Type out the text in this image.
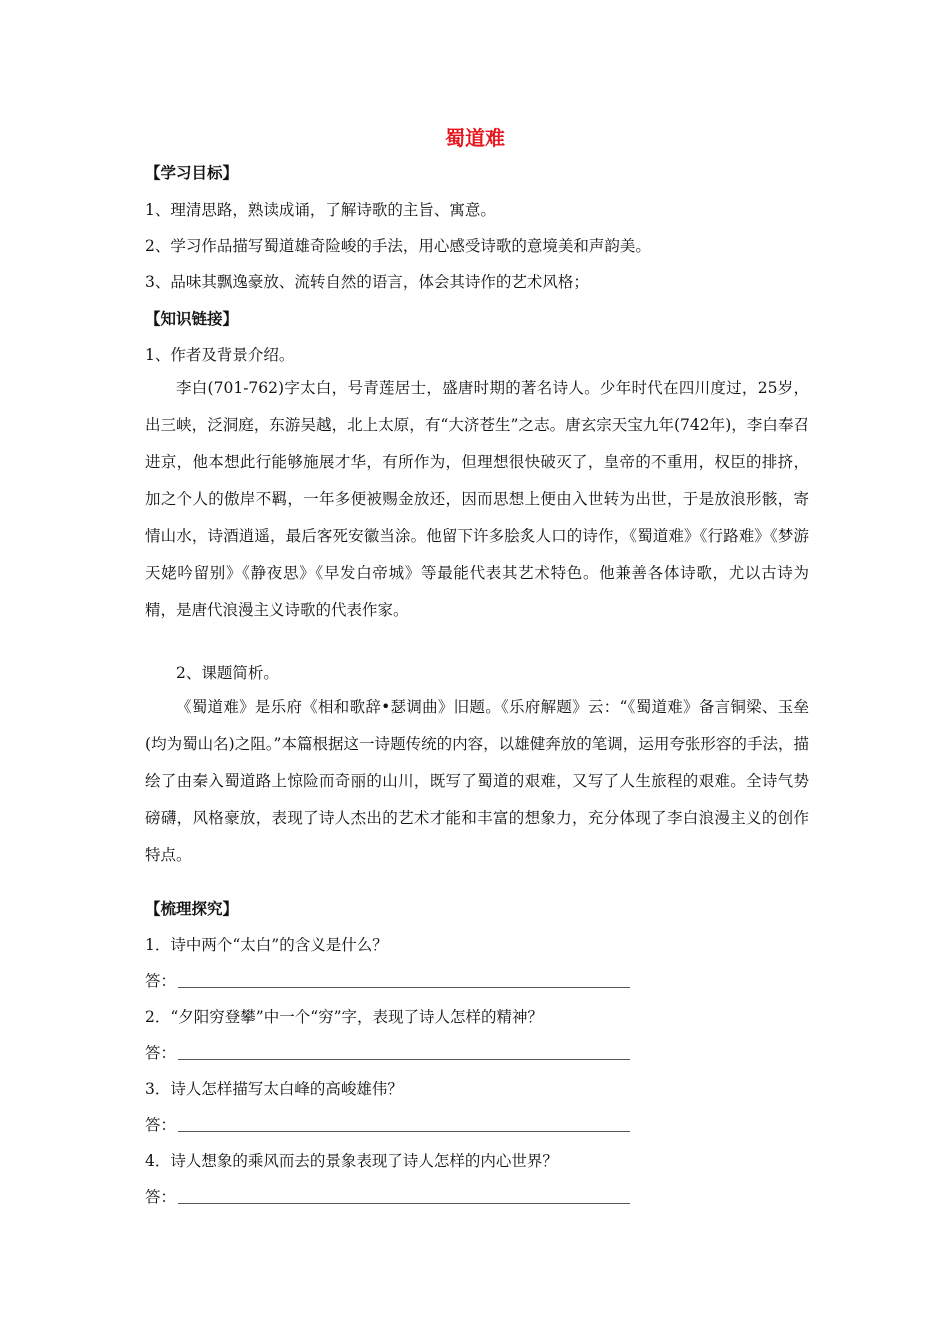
蜀道难
【学习目标】
1、理清思路，熟读成诵，了解诗歌的主旨、寓意。
2、学习作品描写蜀道雄奇险峻的手法，用心感受诗歌的意境美和声韵美。
3、品味其飘逸豪放、流转自然的语言，体会其诗作的艺术风格；
【知识链接】
1、作者及背景介绍。
李白(701-762)字太白，号青莲居士，盛唐时期的著名诗人。少年时代在四川度过，25岁，出三峡，泛洞庭，东游吴越，北上太原，有“大济苍生”之志。唐玄宗天宝九年(742年)，李白奉召进京，他本想此行能够施展才华，有所作为，但理想很快破灭了，皇帝的不重用，权臣的排挤，加之个人的傲岸不羁，一年多便被赐金放还，因而思想上便由入世转为出世，于是放浪形骸，寄情山水，诗酒逍遥，最后客死安徽当涂。他留下许多脍炙人口的诗作，《蜀道难》《行路难》《梦游天姥吟留别》《静夜思》《早发白帝城》等最能代表其艺术特色。他兼善各体诗歌，尤以古诗为精，是唐代浪漫主义诗歌的代表作家。
2、课题简析。
《蜀道难》是乐府《相和歌辞•瑟调曲》旧题。《乐府解题》云：“《蜀道难》备言铜梁、玉垒(均为蜀山名)之阻。”本篇根据这一诗题传统的内容，以雄健奔放的笔调，运用夸张形容的手法，描绘了由秦入蜀道路上惊险而奇丽的山川，既写了蜀道的艰难，又写了人生旅程的艰难。全诗气势磅礴，风格豪放，表现了诗人杰出的艺术才能和丰富的想象力，充分体现了李白浪漫主义的创作特点。
【梳理探究】
1．诗中两个“太白”的含义是什么？
答：
2．“夕阳穷登攀”中一个“穷”字，表现了诗人怎样的精神？
答：
3．诗人怎样描写太白峰的高峻雄伟？
答：
4．诗人想象的乘风而去的景象表现了诗人怎样的内心世界？
答：
